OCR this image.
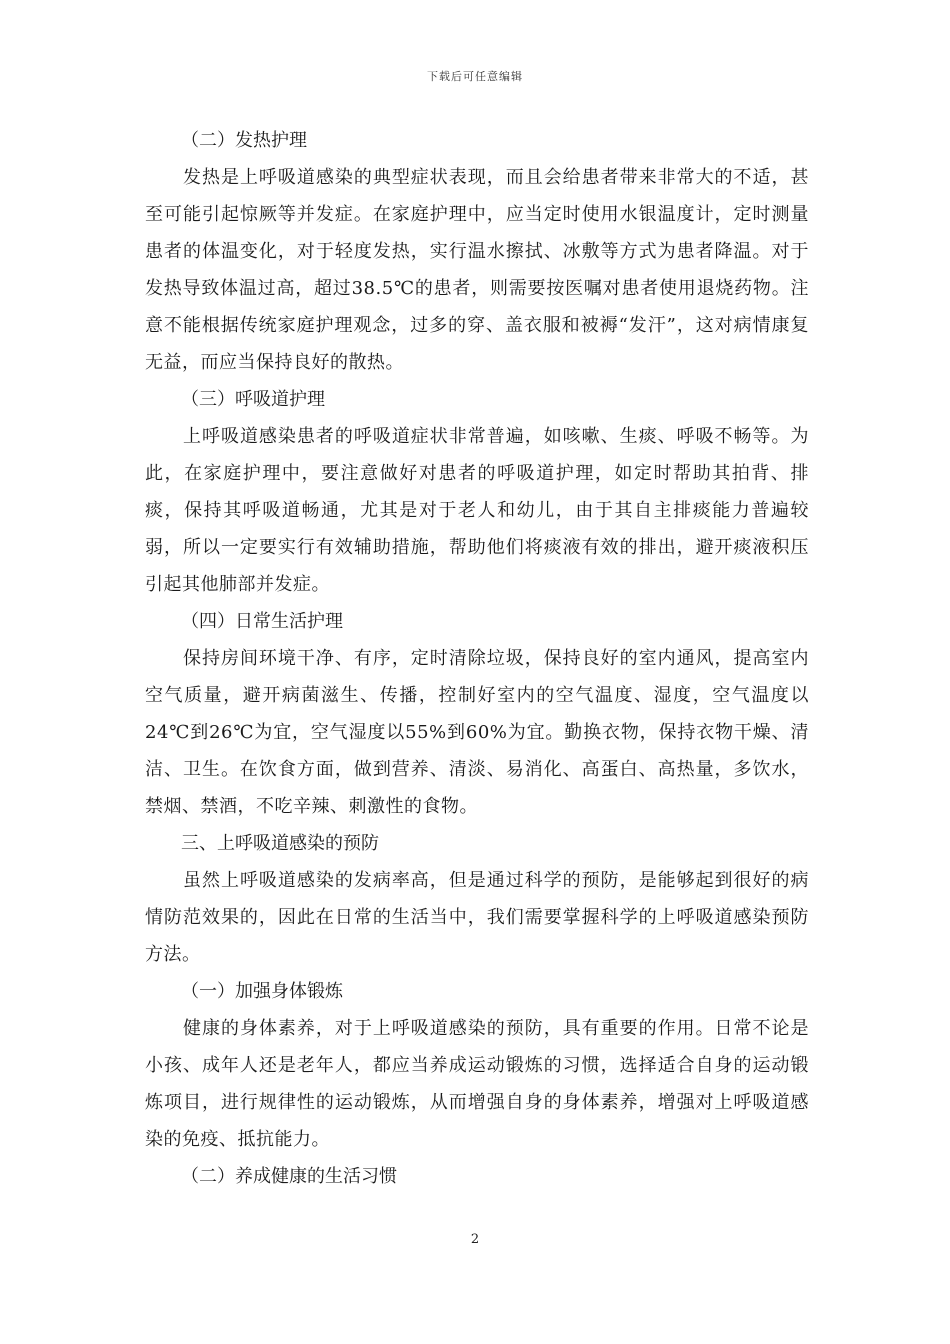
下载后可任意编辑
（二）发热护理

发热是上呼吸道感染的典型症状表现，而且会给患者带来非常大的不适，甚至可能引起惊厥等并发症。在家庭护理中，应当定时使用水银温度计，定时测量患者的体温变化，对于轻度发热，实行温水擦拭、冰敷等方式为患者降温。对于发热导致体温过高，超过38.5℃的患者，则需要按医嘱对患者使用退烧药物。注意不能根据传统家庭护理观念，过多的穿、盖衣服和被褥“发汗”，这对病情康复无益，而应当保持良好的散热。

（三）呼吸道护理

上呼吸道感染患者的呼吸道症状非常普遍，如咳嗽、生痰、呼吸不畅等。为此，在家庭护理中，要注意做好对患者的呼吸道护理，如定时帮助其拍背、排痰，保持其呼吸道畅通，尤其是对于老人和幼儿，由于其自主排痰能力普遍较弱，所以一定要实行有效辅助措施，帮助他们将痰液有效的排出，避开痰液积压引起其他肺部并发症。

（四）日常生活护理

保持房间环境干净、有序，定时清除垃圾，保持良好的室内通风，提高室内空气质量，避开病菌滋生、传播，控制好室内的空气温度、湿度，空气温度以24℃到26℃为宜，空气湿度以55%到60%为宜。勤换衣物，保持衣物干燥、清洁、卫生。在饮食方面，做到营养、清淡、易消化、高蛋白、高热量，多饮水，禁烟、禁酒，不吃辛辣、刺激性的食物。

三、上呼吸道感染的预防

虽然上呼吸道感染的发病率高，但是通过科学的预防，是能够起到很好的病情防范效果的，因此在日常的生活当中，我们需要掌握科学的上呼吸道感染预防方法。

（一）加强身体锻炼

健康的身体素养，对于上呼吸道感染的预防，具有重要的作用。日常不论是小孩、成年人还是老年人，都应当养成运动锻炼的习惯，选择适合自身的运动锻炼项目，进行规律性的运动锻炼，从而增强自身的身体素养，增强对上呼吸道感染的免疫、抵抗能力。

（二）养成健康的生活习惯
2
